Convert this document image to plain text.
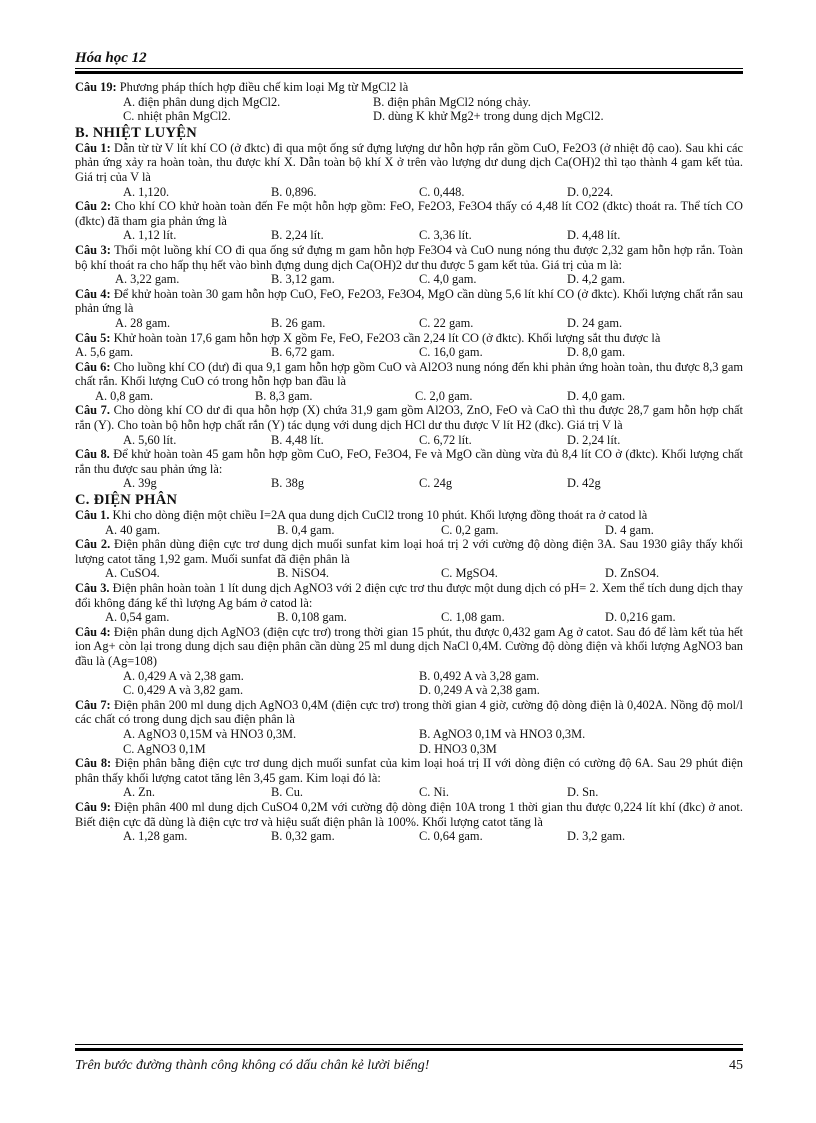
Hóa học 12

Câu 19: Phương pháp thích hợp điều chế kim loại Mg từ MgCl2 là

A. điện phân dung dịch MgCl2.	B. điện phân MgCl2 nóng chảy.
C. nhiệt phân MgCl2.	D. dùng K khử Mg2+ trong dung dịch MgCl2.
B. NHIỆT LUYỆN

Câu 1: Dẫn từ từ V lít khí CO (ở đktc) đi qua một ống sứ đựng lượng dư hỗn hợp rắn gồm CuO, Fe2O3 (ở nhiệt độ cao). Sau khi các phản ứng xảy ra hoàn toàn, thu được khí X. Dẫn toàn bộ khí X ở trên vào lượng dư dung dịch Ca(OH)2 thì tạo thành 4 gam kết tủa. Giá trị của V là

A. 1,120.	B. 0,896.	C. 0,448.	D. 0,224.

Câu 2: Cho khí CO khử hoàn toàn đến Fe một hỗn hợp gồm: FeO, Fe2O3, Fe3O4 thấy có 4,48 lít CO2 (đktc) thoát ra. Thể tích CO (đktc) đã tham gia phản ứng là

A. 1,12 lít.	B. 2,24 lít.	C. 3,36 lít.	D. 4,48 lít.

Câu 3: Thổi một luồng khí CO đi qua ống sứ đựng m gam hỗn hợp Fe3O4 và CuO nung nóng thu được 2,32 gam hỗn hợp rắn. Toàn bộ khí thoát ra cho hấp thụ hết vào bình đựng dung dịch Ca(OH)2 dư thu được 5 gam kết tủa. Giá trị của m là:

A. 3,22 gam.	B. 3,12 gam.	C. 4,0 gam.	D. 4,2 gam.

Câu 4: Để khử hoàn toàn 30 gam hỗn hợp CuO, FeO, Fe2O3, Fe3O4, MgO cần dùng 5,6 lít khí CO (ở đktc). Khối lượng chất rắn sau phản ứng là

A. 28 gam.	B. 26 gam.	C. 22 gam.	D. 24 gam.

Câu 5: Khử hoàn toàn 17,6 gam hỗn hợp X gồm Fe, FeO, Fe2O3 cần 2,24 lít CO (ở đktc). Khối lượng sắt thu được là

A. 5,6 gam.	B. 6,72 gam.	C. 16,0 gam.	D. 8,0 gam.

Câu 6: Cho luồng khí CO (dư) đi qua 9,1 gam hỗn hợp gồm CuO và Al2O3 nung nóng đến khi phản ứng hoàn toàn, thu được 8,3 gam chất rắn. Khối lượng CuO có trong hỗn hợp ban đầu là

A. 0,8 gam.	B. 8,3 gam.	C. 2,0 gam.	D. 4,0 gam.

Câu 7. Cho dòng khí CO dư đi qua hỗn hợp (X) chứa 31,9 gam gồm Al2O3, ZnO, FeO và CaO thì thu được 28,7 gam hỗn hợp chất rắn (Y). Cho toàn bộ hỗn hợp chất rắn (Y) tác dụng với dung dịch HCl dư thu được V lít H2 (đkc). Giá trị V là

A. 5,60 lít.	B. 4,48 lít.	C. 6,72 lít.	D. 2,24 lít.

Câu 8. Để khử hoàn toàn 45 gam hỗn hợp gồm CuO, FeO, Fe3O4, Fe và MgO cần dùng vừa đủ 8,4 lít CO ở (đktc). Khối lượng chất rắn thu được sau phản ứng là:

A. 39g	B. 38g	C. 24g	D. 42g
C. ĐIỆN PHÂN

Câu 1. Khi cho dòng điện một chiều I=2A qua dung dịch CuCl2 trong 10 phút. Khối lượng đồng thoát ra ở catod là

A. 40 gam.	B. 0,4 gam.	C. 0,2 gam.	D. 4 gam.

Câu 2. Điện phân dùng điện cực trơ dung dịch muối sunfat kim loại hoá trị 2 với cường độ dòng điện 3A. Sau 1930 giây thấy khối lượng catot tăng 1,92 gam. Muối sunfat đã điện phân là

A. CuSO4.	B. NiSO4.	C. MgSO4.	D. ZnSO4.

Câu 3. Điện phân hoàn toàn 1 lít dung dịch AgNO3 với 2 điện cực trơ thu được một dung dịch có pH= 2. Xem thể tích dung dịch thay đổi không đáng kể thì lượng Ag bám ở catod là:

A. 0,54 gam.	B. 0,108 gam.	C. 1,08 gam.	D. 0,216 gam.

Câu 4: Điện phân dung dịch AgNO3 (điện cực trơ) trong thời gian 15 phút, thu được 0,432 gam Ag ở catot. Sau đó để làm kết tủa hết ion Ag+ còn lại trong dung dịch sau điện phân cần dùng 25 ml dung dịch NaCl 0,4M. Cường độ dòng điện và khối lượng AgNO3 ban đầu là (Ag=108)

A. 0,429 A và 2,38 gam.	B. 0,492 A và 3,28 gam.
C. 0,429 A và 3,82 gam.	D. 0,249 A và 2,38 gam.

Câu 7: Điện phân 200 ml dung dịch AgNO3 0,4M (điện cực trơ) trong thời gian 4 giờ, cường độ dòng điện là 0,402A. Nồng độ mol/l các chất có trong dung dịch sau điện phân là

A. AgNO3 0,15M và HNO3 0,3M.	B. AgNO3 0,1M và HNO3 0,3M.
C. AgNO3 0,1M	D. HNO3 0,3M

Câu 8: Điện phân bằng điện cực trơ dung dịch muối sunfat của kim loại hoá trị II với dòng điện có cường độ 6A. Sau 29 phút điện phân thấy khối lượng catot tăng lên 3,45 gam. Kim loại đó là:

A. Zn.	B. Cu.	C. Ni.	D. Sn.

Câu 9: Điện phân 400 ml dung dịch CuSO4 0,2M với cường độ dòng điện 10A trong 1 thời gian thu được 0,224 lít khí (đkc) ở anot. Biết điện cực đã dùng là điện cực trơ và hiệu suất điện phân là 100%. Khối lượng catot tăng là

A. 1,28 gam.	B. 0,32 gam.	C. 0,64 gam.	D. 3,2 gam.
Trên bước đường thành công không có dấu chân kẻ lười biếng!	45
